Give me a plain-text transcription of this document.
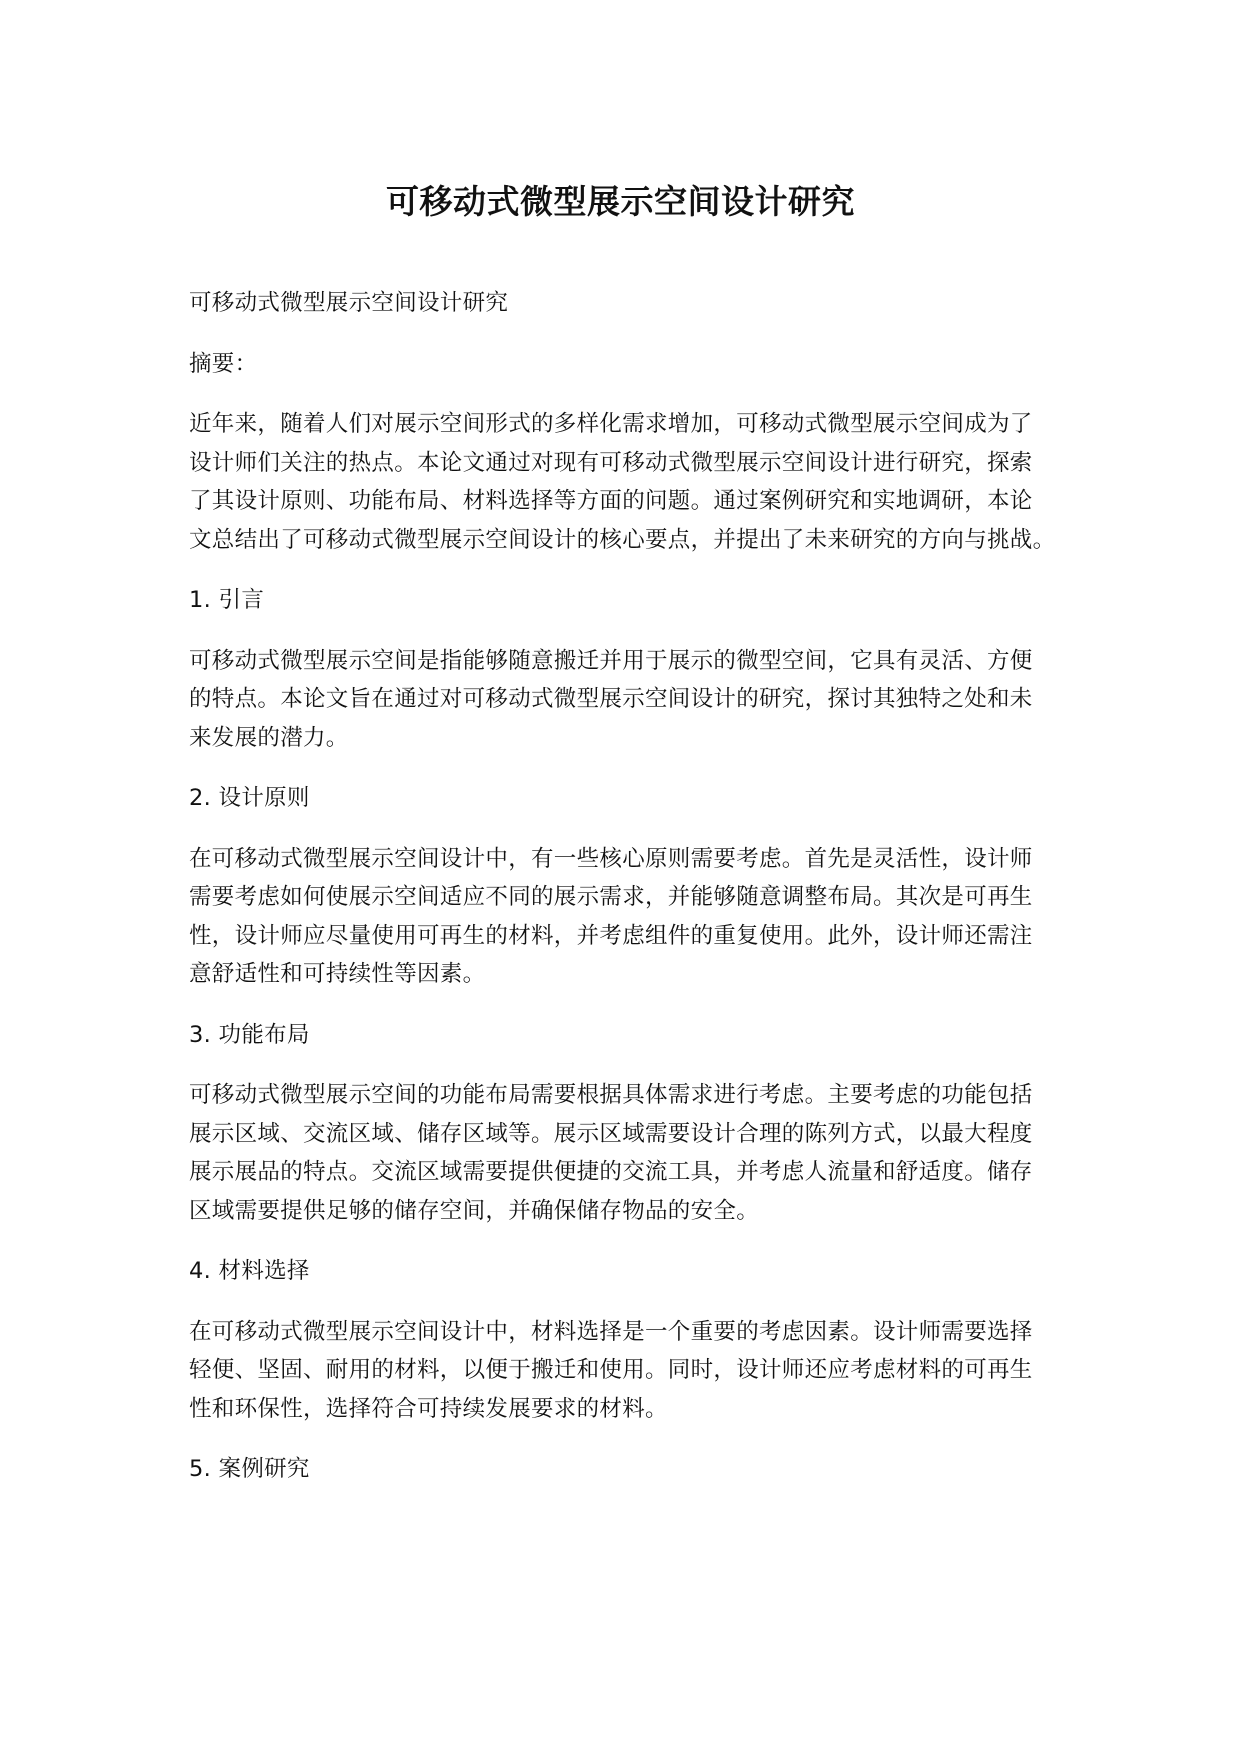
可移动式微型展示空间设计研究

可移动式微型展示空间设计研究

摘要：

近年来，随着人们对展示空间形式的多样化需求增加，可移动式微型展示空间成为了
设计师们关注的热点。本论文通过对现有可移动式微型展示空间设计进行研究，探索
了其设计原则、功能布局、材料选择等方面的问题。通过案例研究和实地调研，本论
文总结出了可移动式微型展示空间设计的核心要点，并提出了未来研究的方向与挑战。

1. 引言

可移动式微型展示空间是指能够随意搬迁并用于展示的微型空间，它具有灵活、方便
的特点。本论文旨在通过对可移动式微型展示空间设计的研究，探讨其独特之处和未
来发展的潜力。

2. 设计原则

在可移动式微型展示空间设计中，有一些核心原则需要考虑。首先是灵活性，设计师
需要考虑如何使展示空间适应不同的展示需求，并能够随意调整布局。其次是可再生
性，设计师应尽量使用可再生的材料，并考虑组件的重复使用。此外，设计师还需注
意舒适性和可持续性等因素。

3. 功能布局

可移动式微型展示空间的功能布局需要根据具体需求进行考虑。主要考虑的功能包括
展示区域、交流区域、储存区域等。展示区域需要设计合理的陈列方式，以最大程度
展示展品的特点。交流区域需要提供便捷的交流工具，并考虑人流量和舒适度。储存
区域需要提供足够的储存空间，并确保储存物品的安全。

4. 材料选择

在可移动式微型展示空间设计中，材料选择是一个重要的考虑因素。设计师需要选择
轻便、坚固、耐用的材料，以便于搬迁和使用。同时，设计师还应考虑材料的可再生
性和环保性，选择符合可持续发展要求的材料。

5. 案例研究
